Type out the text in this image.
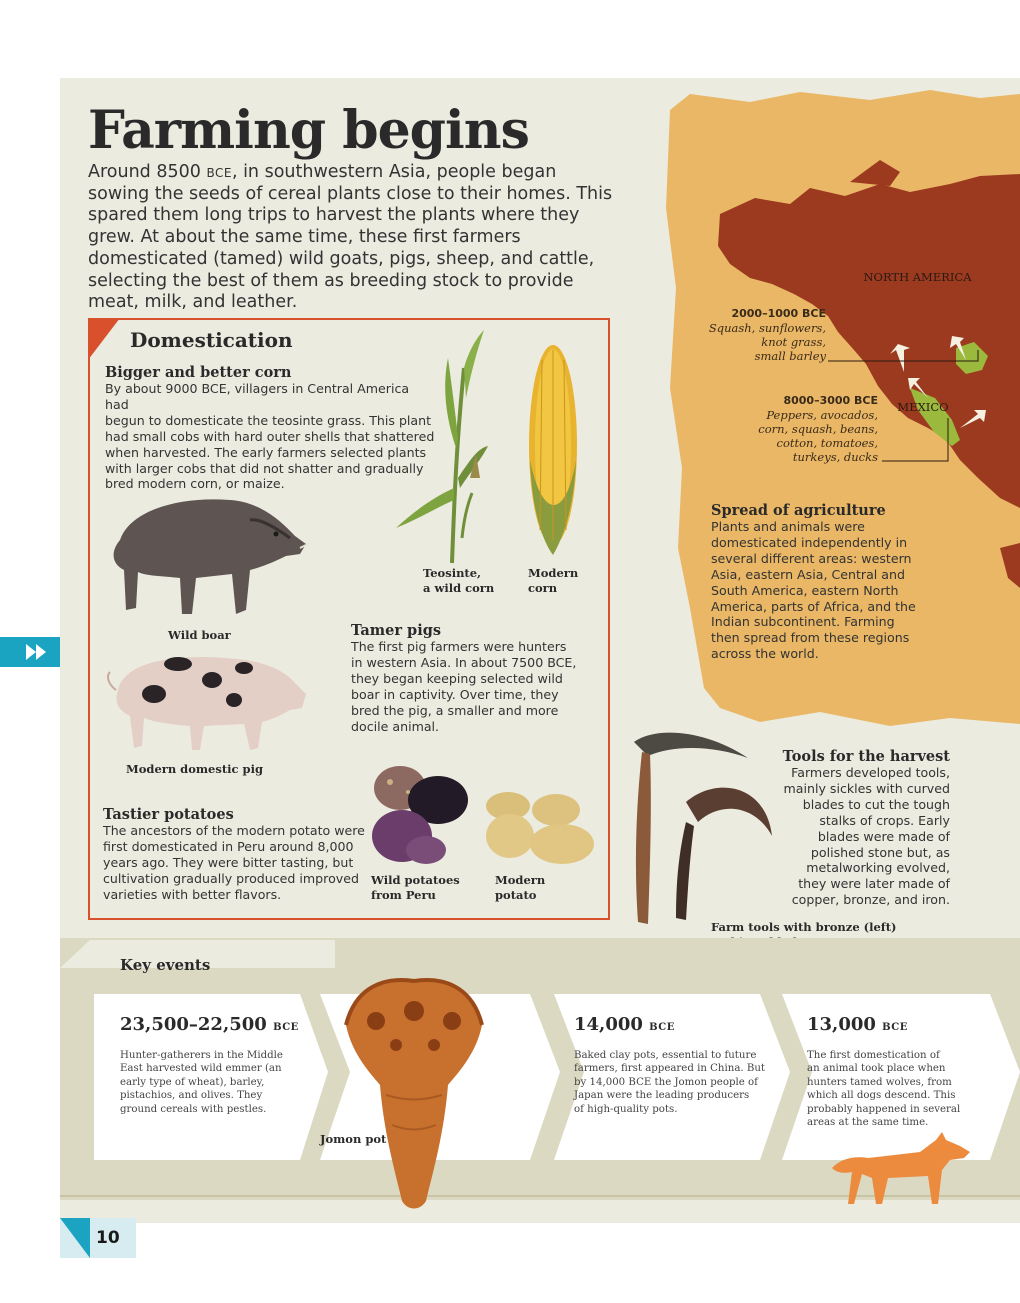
Farming begins
Around 8500 bce, in southwestern Asia, people began sowing the seeds of cereal plants close to their homes. This spared them long trips to harvest the plants where they grew. At about the same time, these first farmers domesticated (tamed) wild goats, pigs, sheep, and cattle, selecting the best of them as breeding stock to provide meat, milk, and leather.
NORTH AMERICA
MEXICO
2000–1000 BCE
Squash, sunflowers,
knot grass,
small barley
8000–3000 BCE
Peppers, avocados,
corn, squash, beans,
cotton, tomatoes,
turkeys, ducks
Spread of agriculture
Plants and animals were
domesticated independently in
several different areas: western
Asia, eastern Asia, Central and
South America, eastern North
America, parts of Africa, and the
Indian subcontinent. Farming
then spread from these regions
across the world.
Domestication
Bigger and better corn
By about 9000 BCE, villagers in Central America had
begun to domesticate the teosinte grass. This plant
had small cobs with hard outer shells that shattered
when harvested. The early farmers selected plants
with larger cobs that did not shatter and gradually
bred modern corn, or maize.
Teosinte,
a wild corn
Modern
corn
Wild boar	Tamer pigs
The first pig farmers were hunters
in western Asia. In about 7500 BCE,
they began keeping selected wild
boar in captivity. Over time, they
bred the pig, a smaller and more
docile animal.
Modern domestic pig
Tastier potatoes
The ancestors of the modern potato were
first domesticated in Peru around 8,000
years ago. They were bitter tasting, but
cultivation gradually produced improved
varieties with better flavors.
Wild potatoes
from Peru
Modern
potato
Tools for the harvest
Farmers developed tools,
mainly sickles with curved
blades to cut the tough
stalks of crops. Early
blades were made of
polished stone but, as
metalworking evolved,
they were later made of
copper, bronze, and iron.
Farm tools with bronze (left)
Key events
23,500–22,500 bce
Hunter-gatherers in the Middle
East harvested wild emmer (an
early type of wheat), barley,
pistachios, and olives. They
ground cereals with pestles.
Jomon pot
14,000 bce
Baked clay pots, essential to future
farmers, first appeared in China. But
by 14,000 BCE the Jomon people of
Japan were the leading producers
of high-quality pots.
13,000 bce
The first domestication of
an animal took place when
hunters tamed wolves, from
which all dogs descend. This
probably happened in several
areas at the same time.
10
